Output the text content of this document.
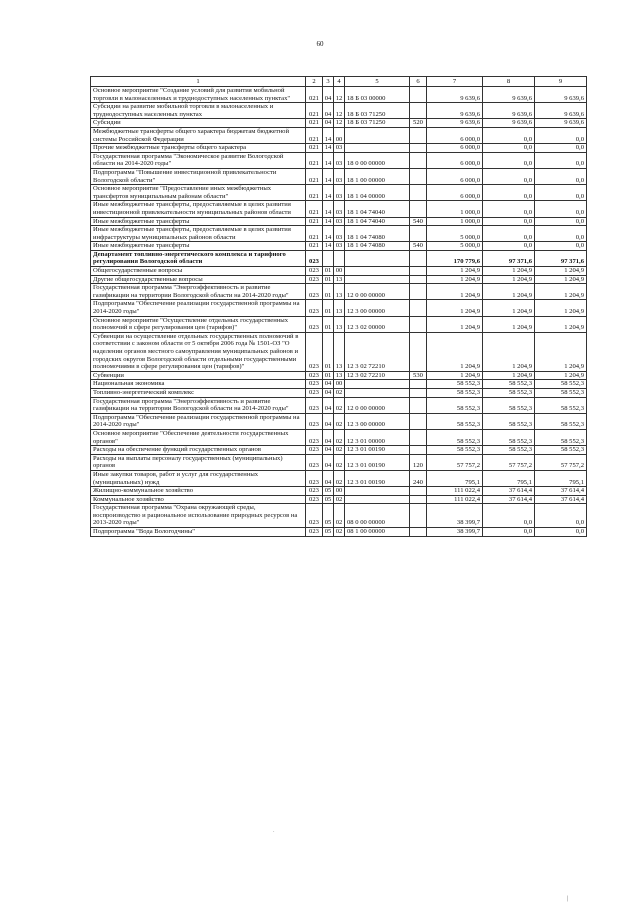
60
1	2	3	4	5	6	7	8	9
Основное мероприятие "Создание условий для развития мобильной торговли в малонаселенных и труднодоступных населенных пунктах"	021	04	12	18 Б 03 00000		9 639,6	9 639,6	9 639,6
Субсидии на развитие мобильной торговли в малонаселенных и труднодоступных населенных пунктах	021	04	12	18 Б 03 71250		9 639,6	9 639,6	9 639,6
Субсидии	021	04	12	18 Б 03 71250	520	9 639,6	9 639,6	9 639,6
Межбюджетные трансферты общего характера бюджетам бюджетной системы Российской Федерации	021	14	00			6 000,0	0,0	0,0
Прочие межбюджетные трансферты общего характера	021	14	03			6 000,0	0,0	0,0
Государственная программа "Экономическое развитие Вологодской области на 2014-2020 годы"	021	14	03	18 0 00 00000		6 000,0	0,0	0,0
Подпрограмма "Повышение инвестиционной привлекательности Вологодской области"	021	14	03	18 1 00 00000		6 000,0	0,0	0,0
Основное мероприятие "Предоставление иных межбюджетных трансфертов муниципальным районам области"	021	14	03	18 1 04 00000		6 000,0	0,0	0,0
Иные межбюджетные трансферты, предоставляемые в целях развития инвестиционной привлекательности муниципальных районов области	021	14	03	18 1 04 74040		1 000,0	0,0	0,0
Иные межбюджетные трансферты	021	14	03	18 1 04 74040	540	1 000,0	0,0	0,0
Иные межбюджетные трансферты, предоставляемые в целях развития инфраструктуры муниципальных районов области	021	14	03	18 1 04 74080		5 000,0	0,0	0,0
Иные межбюджетные трансферты	021	14	03	18 1 04 74080	540	5 000,0	0,0	0,0
Департамент топливно-энергетического комплекса и тарифного регулирования Вологодской области	023					170 779,6	97 371,6	97 371,6
Общегосударственные вопросы	023	01	00			1 204,9	1 204,9	1 204,9
Другие общегосударственные вопросы	023	01	13			1 204,9	1 204,9	1 204,9
Государственная программа "Энергоэффективность и развитие газификации на территории Вологодской области на 2014-2020 годы"	023	01	13	12 0 00 00000		1 204,9	1 204,9	1 204,9
Подпрограмма "Обеспечение реализации государственной программы на 2014-2020 годы"	023	01	13	12 3 00 00000		1 204,9	1 204,9	1 204,9
Основное мероприятие "Осуществление отдельных государственных полномочий в сфере регулирования цен (тарифов)"	023	01	13	12 3 02 00000		1 204,9	1 204,9	1 204,9
Субвенции на осуществление отдельных государственных полномочий в соответствии с законом области от 5 октября 2006 года № 1501-ОЗ "О наделении органов местного самоуправления муниципальных районов и городских округов Вологодской области отдельными государственными полномочиями в сфере регулирования цен (тарифов)"	023	01	13	12 3 02 72210		1 204,9	1 204,9	1 204,9
Субвенции	023	01	13	12 3 02 72210	530	1 204,9	1 204,9	1 204,9
Национальная экономика	023	04	00			58 552,3	58 552,3	58 552,3
Топливно-энергетический комплекс	023	04	02			58 552,3	58 552,3	58 552,3
Государственная программа "Энергоэффективность и развитие газификации на территории Вологодской области на 2014-2020 годы"	023	04	02	12 0 00 00000		58 552,3	58 552,3	58 552,3
Подпрограмма "Обеспечение реализации государственной программы на 2014-2020 годы"	023	04	02	12 3 00 00000		58 552,3	58 552,3	58 552,3
Основное мероприятие "Обеспечение деятельности государственных органов"	023	04	02	12 3 01 00000		58 552,3	58 552,3	58 552,3
Расходы на обеспечение функций государственных органов	023	04	02	12 3 01 00190		58 552,3	58 552,3	58 552,3
Расходы на выплаты персоналу государственных (муниципальных) органов	023	04	02	12 3 01 00190	120	57 757,2	57 757,2	57 757,2
Иные закупки товаров, работ и услуг для государственных (муниципальных) нужд	023	04	02	12 3 01 00190	240	795,1	795,1	795,1
Жилищно-коммунальное хозяйство	023	05	00			111 022,4	37 614,4	37 614,4
Коммунальное хозяйство	023	05	02			111 022,4	37 614,4	37 614,4
Государственная программа "Охрана окружающей среды, воспроизводство и рациональное использование природных ресурсов на 2013-2020 годы"	023	05	02	08 0 00 00000		38 399,7	0,0	0,0
Подпрограмма "Вода Вологодчины"	023	05	02	08 1 00 00000		38 399,7	0,0	0,0
.
|
